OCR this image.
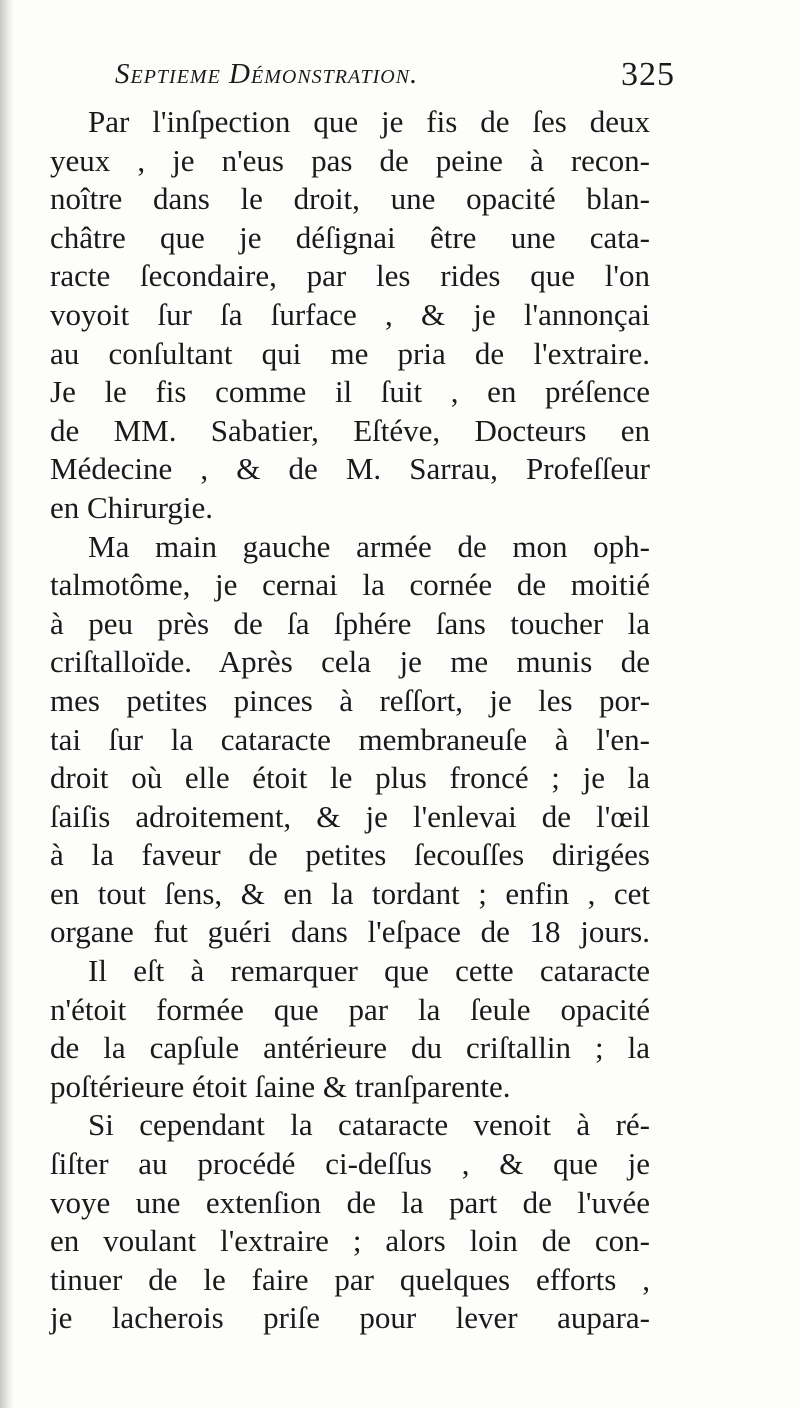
Septieme Démonstration.	325
Par l'inſpection que je fis de ſes deux
yeux , je n'eus pas de peine à recon-
noître dans le droit, une opacité blan-
châtre que je déſignai être une cata-
racte ſecondaire, par les rides que l'on
voyoit ſur ſa ſurface , & je l'annonçai
au conſultant qui me pria de l'extraire.
Je le fis comme il ſuit , en préſence
de MM. Sabatier, Eſtéve, Docteurs en
Médecine , & de M. Sarrau, Profeſſeur
en Chirurgie.
Ma main gauche armée de mon oph-
talmotôme, je cernai la cornée de moitié
à peu près de ſa ſphére ſans toucher la
criſtalloïde. Après cela je me munis de
mes petites pinces à reſſort, je les por-
tai ſur la cataracte membraneuſe à l'en-
droit où elle étoit le plus froncé ; je la
ſaiſis adroitement, & je l'enlevai de l'œil
à la faveur de petites ſecouſſes dirigées
en tout ſens, & en la tordant ; enfin , cet
organe fut guéri dans l'eſpace de 18 jours.
Il eſt à remarquer que cette cataracte
n'étoit formée que par la ſeule opacité
de la capſule antérieure du criſtallin ; la
poſtérieure étoit ſaine & tranſparente.
Si cependant la cataracte venoit à ré-
ſiſter au procédé ci-deſſus , & que je
voye une extenſion de la part de l'uvée
en voulant l'extraire ; alors loin de con-
tinuer de le faire par quelques efforts ,
je lacherois priſe pour lever aupara-
